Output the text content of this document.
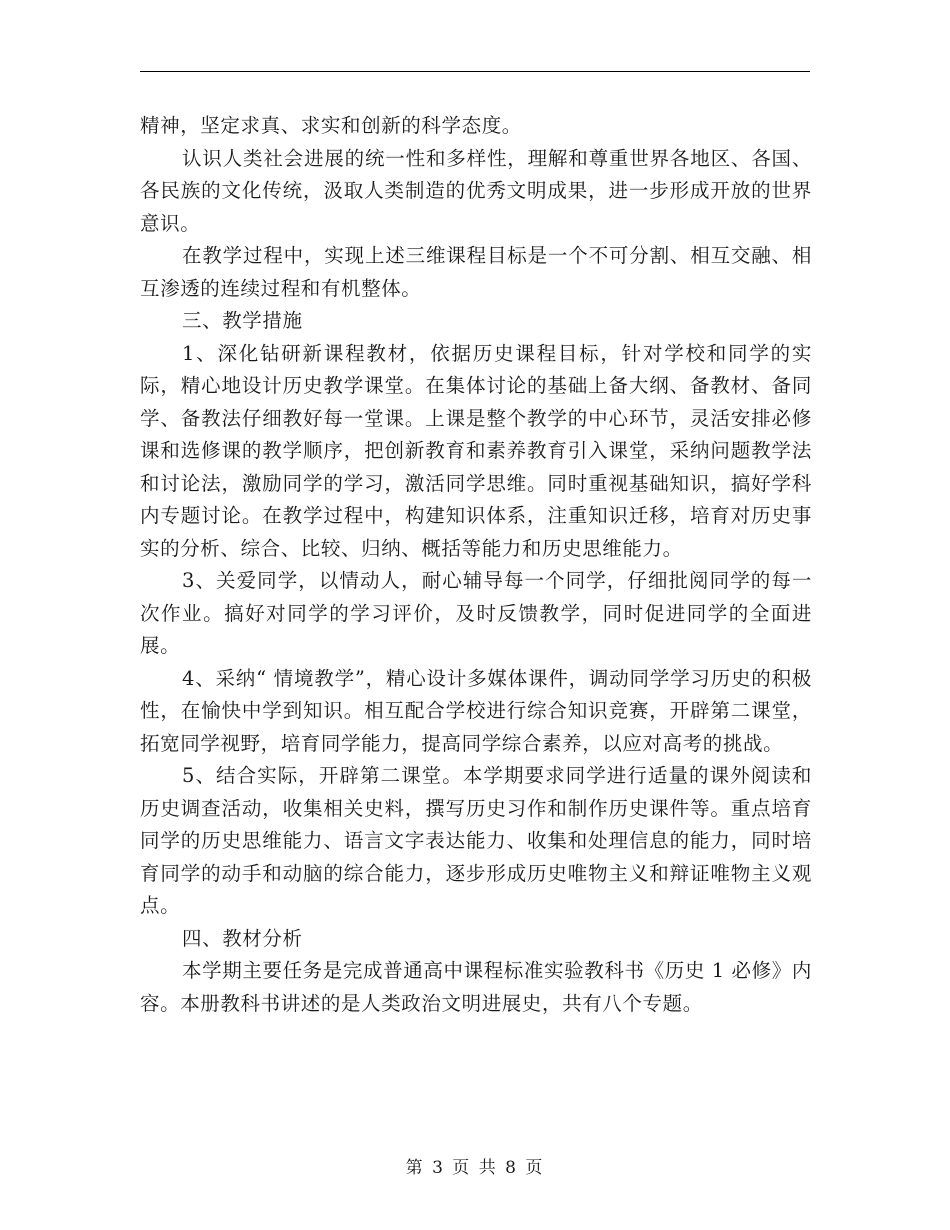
精神，坚定求真、求实和创新的科学态度。

认识人类社会进展的统一性和多样性，理解和尊重世界各地区、各国、各民族的文化传统，汲取人类制造的优秀文明成果，进一步形成开放的世界意识。

在教学过程中，实现上述三维课程目标是一个不可分割、相互交融、相互渗透的连续过程和有机整体。

三、教学措施

1、深化钻研新课程教材，依据历史课程目标，针对学校和同学的实际，精心地设计历史教学课堂。在集体讨论的基础上备大纲、备教材、备同学、备教法仔细教好每一堂课。上课是整个教学的中心环节，灵活安排必修课和选修课的教学顺序，把创新教育和素养教育引入课堂，采纳问题教学法和讨论法，激励同学的学习，激活同学思维。同时重视基础知识，搞好学科内专题讨论。在教学过程中，构建知识体系，注重知识迁移，培育对历史事实的分析、综合、比较、归纳、概括等能力和历史思维能力。

3、关爱同学，以情动人，耐心辅导每一个同学，仔细批阅同学的每一次作业。搞好对同学的学习评价，及时反馈教学，同时促进同学的全面进展。

4、采纳“ 情境教学”，精心设计多媒体课件，调动同学学习历史的积极性，在愉快中学到知识。相互配合学校进行综合知识竞赛，开辟第二课堂，拓宽同学视野，培育同学能力，提高同学综合素养，以应对高考的挑战。

5、结合实际，开辟第二课堂。本学期要求同学进行适量的课外阅读和历史调查活动，收集相关史料，撰写历史习作和制作历史课件等。重点培育同学的历史思维能力、语言文字表达能力、收集和处理信息的能力，同时培育同学的动手和动脑的综合能力，逐步形成历史唯物主义和辩证唯物主义观点。

四、教材分析

本学期主要任务是完成普通高中课程标准实验教科书《历史 1 必修》内容。本册教科书讲述的是人类政治文明进展史，共有八个专题。

第 3 页 共 8 页
